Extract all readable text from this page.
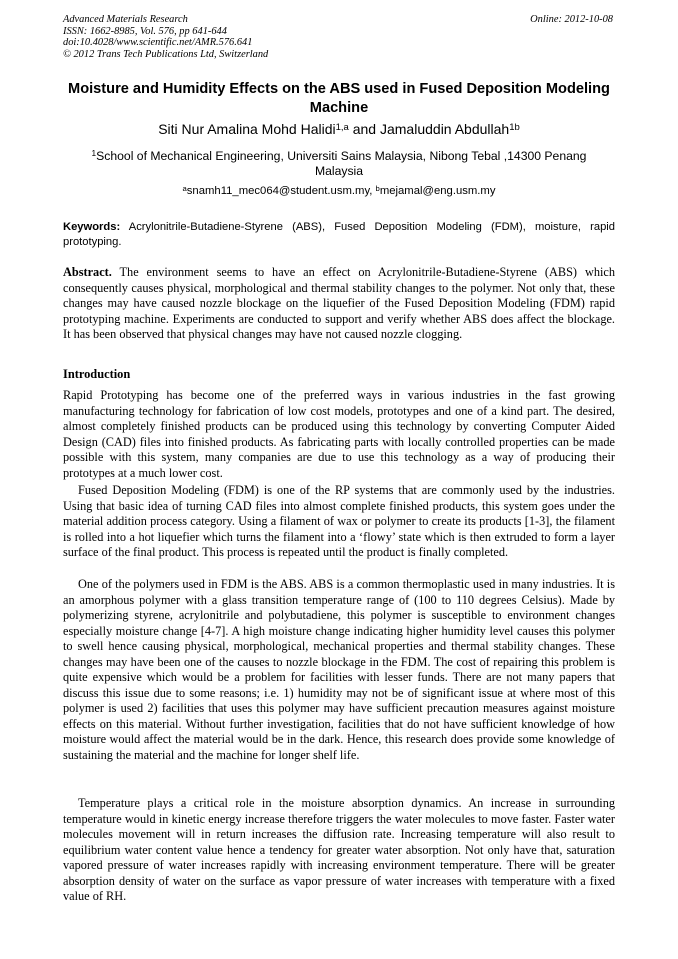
Advanced Materials Research
ISSN: 1662-8985, Vol. 576, pp 641-644
doi:10.4028/www.scientific.net/AMR.576.641
© 2012 Trans Tech Publications Ltd, Switzerland
Online: 2012-10-08
Moisture and Humidity Effects on the ABS used in Fused Deposition Modeling Machine

Siti Nur Amalina Mohd Halidi$^{1,a}$ and Jamaluddin Abdullah$^{1b}$

$^1$School of Mechanical Engineering, Universiti Sains Malaysia, Nibong Tebal ,14300 Penang Malaysia

$^a$snamh11_mec064@student.usm.my, $^b$mejamal@eng.usm.my

Keywords: Acrylonitrile-Butadiene-Styrene (ABS), Fused Deposition Modeling (FDM), moisture, rapid prototyping.

Abstract. The environment seems to have an effect on Acrylonitrile-Butadiene-Styrene (ABS) which consequently causes physical, morphological and thermal stability changes to the polymer. Not only that, these changes may have caused nozzle blockage on the liquefier of the Fused Deposition Modeling (FDM) rapid prototyping machine. Experiments are conducted to support and verify whether ABS does affect the blockage. It has been observed that physical changes may have not caused nozzle clogging.

Introduction

Rapid Prototyping has become one of the preferred ways in various industries in the fast growing manufacturing technology for fabrication of low cost models, prototypes and one of a kind part. The desired, almost completely finished products can be produced using this technology by converting Computer Aided Design (CAD) files into finished products. As fabricating parts with locally controlled properties can be made possible with this system, many companies are due to use this technology as a way of producing their prototypes at a much lower cost.

Fused Deposition Modeling (FDM) is one of the RP systems that are commonly used by the industries. Using that basic idea of turning CAD files into almost complete finished products, this system goes under the material addition process category. Using a filament of wax or polymer to create its products [1-3], the filament is rolled into a hot liquefier which turns the filament into a ‘flowy’ state which is then extruded to form a layer surface of the final product. This process is repeated until the product is finally completed.

One of the polymers used in FDM is the ABS. ABS is a common thermoplastic used in many industries. It is an amorphous polymer with a glass transition temperature range of (100 to 110 degrees Celsius). Made by polymerizing styrene, acrylonitrile and polybutadiene, this polymer is susceptible to environment changes especially moisture change [4-7]. A high moisture change indicating higher humidity level causes this polymer to swell hence causing physical, morphological, mechanical properties and thermal stability changes. These changes may have been one of the causes to nozzle blockage in the FDM. The cost of repairing this problem is quite expensive which would be a problem for facilities with lesser funds. There are not many papers that discuss this issue due to some reasons; i.e. 1) humidity may not be of significant issue at where most of this polymer is used 2) facilities that uses this polymer may have sufficient precaution measures against moisture effects on this material. Without further investigation, facilities that do not have sufficient knowledge of how moisture would affect the material would be in the dark. Hence, this research does provide some knowledge of sustaining the material and the machine for longer shelf life.

Temperature plays a critical role in the moisture absorption dynamics. An increase in surrounding temperature would in kinetic energy increase therefore triggers the water molecules to move faster. Faster water molecules movement will in return increases the diffusion rate. Increasing temperature will also result to equilibrium water content value hence a tendency for greater water absorption. Not only have that, saturation vapored pressure of water increases rapidly with increasing environment temperature. There will be greater absorption density of water on the surface as vapor pressure of water increases with temperature with a fixed value of RH.
